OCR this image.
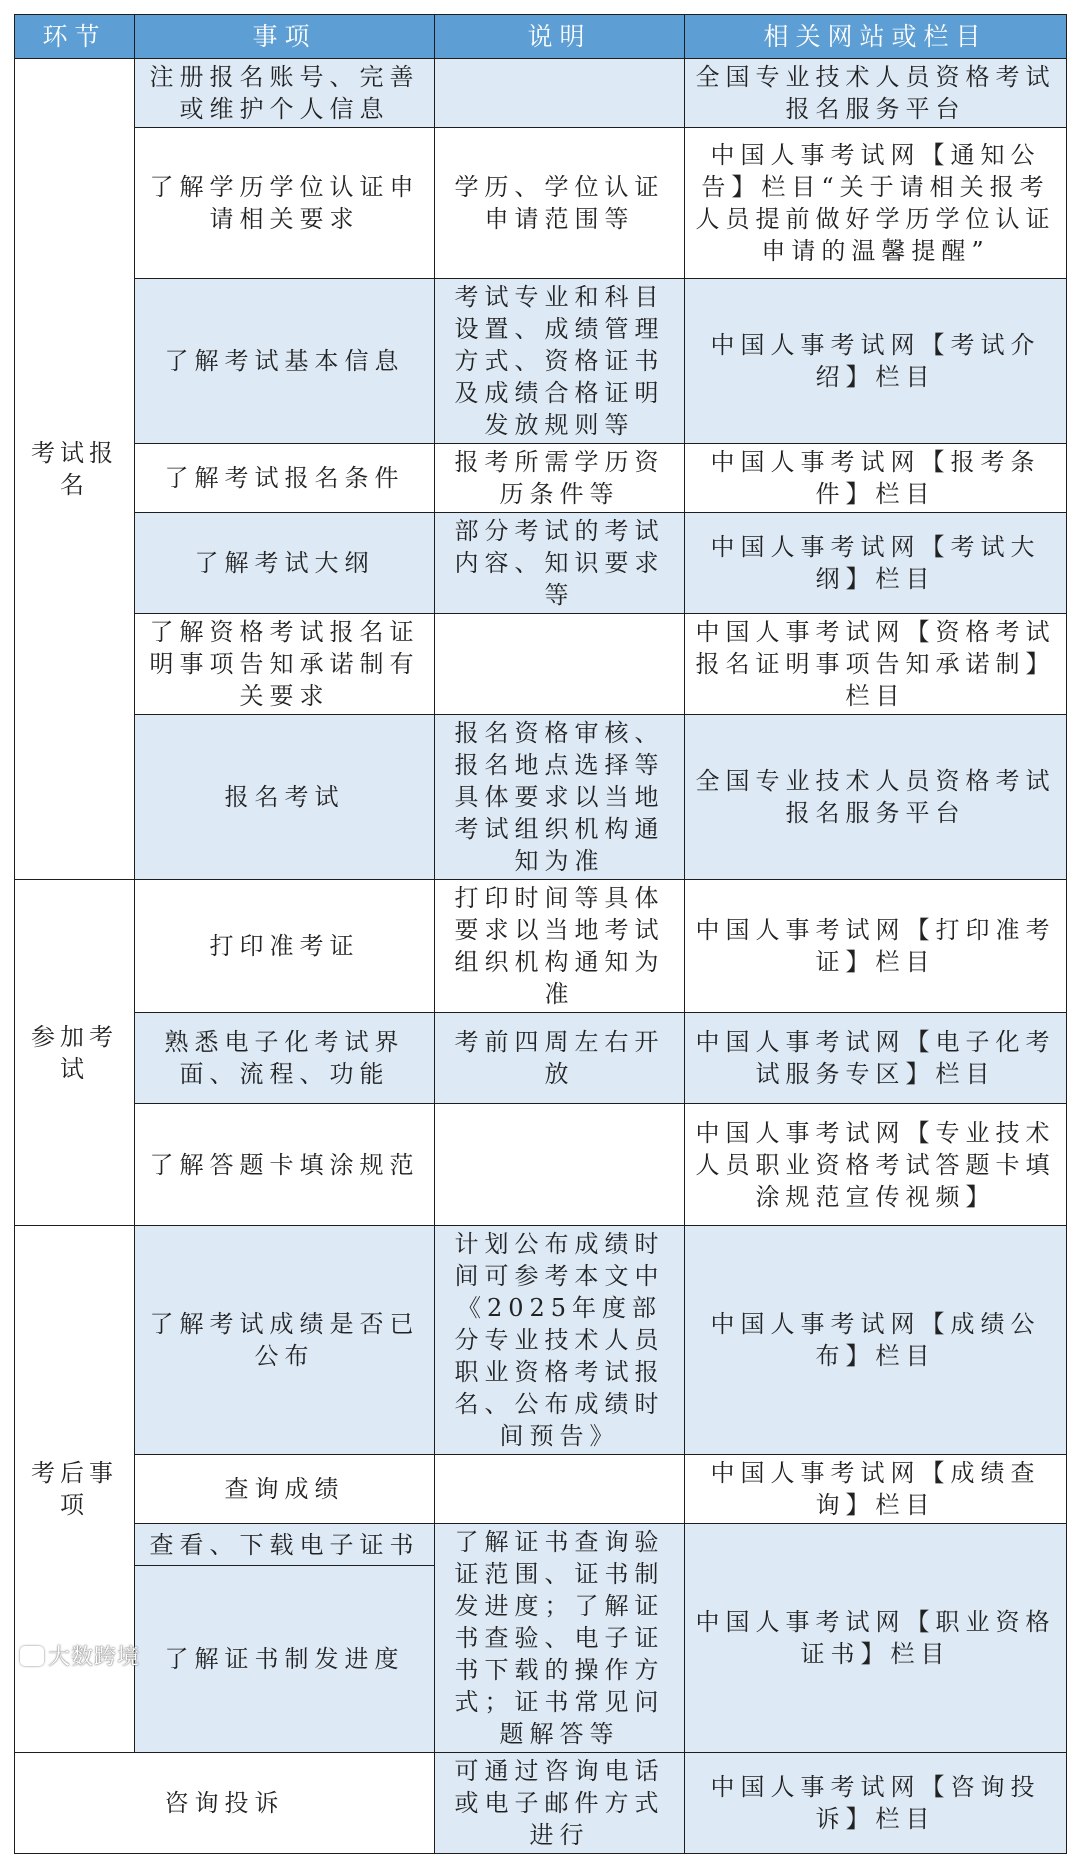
环节	事项	说明	相关网站或栏目
考试报名	注册报名账号、完善或维护个人信息		全国专业技术人员资格考试报名服务平台
	了解学历学位认证申请相关要求	学历、学位认证申请范围等	中国人事考试网【通知公告】栏目“关于请相关报考人员提前做好学历学位认证申请的温馨提醒”
	了解考试基本信息	考试专业和科目设置、成绩管理方式、资格证书及成绩合格证明发放规则等	中国人事考试网【考试介绍】栏目
	了解考试报名条件	报考所需学历资历条件等	中国人事考试网【报考条件】栏目
	了解考试大纲	部分考试的考试内容、知识要求等	中国人事考试网【考试大纲】栏目
	了解资格考试报名证明事项告知承诺制有关要求		中国人事考试网【资格考试报名证明事项告知承诺制】栏目
	报名考试	报名资格审核、报名地点选择等具体要求以当地考试组织机构通知为准	全国专业技术人员资格考试报名服务平台
参加考试	打印准考证	打印时间等具体要求以当地考试组织机构通知为准	中国人事考试网【打印准考证】栏目
	熟悉电子化考试界面、流程、功能	考前四周左右开放	中国人事考试网【电子化考试服务专区】栏目
	了解答题卡填涂规范		中国人事考试网【专业技术人员职业资格考试答题卡填涂规范宣传视频】
考后事项	了解考试成绩是否已公布	计划公布成绩时间可参考本文中《2025年度部分专业技术人员职业资格考试报名、公布成绩时间预告》	中国人事考试网【成绩公布】栏目
	查询成绩		中国人事考试网【成绩查询】栏目
	查看、下载电子证书	了解证书查询验证范围、证书制发进度；了解证书查验、电子证书下载的操作方式；证书常见问题解答等	中国人事考试网【职业资格证书】栏目
	了解证书制发进度		
咨询投诉		可通过咨询电话或电子邮件方式进行	中国人事考试网【咨询投诉】栏目
大数跨境
